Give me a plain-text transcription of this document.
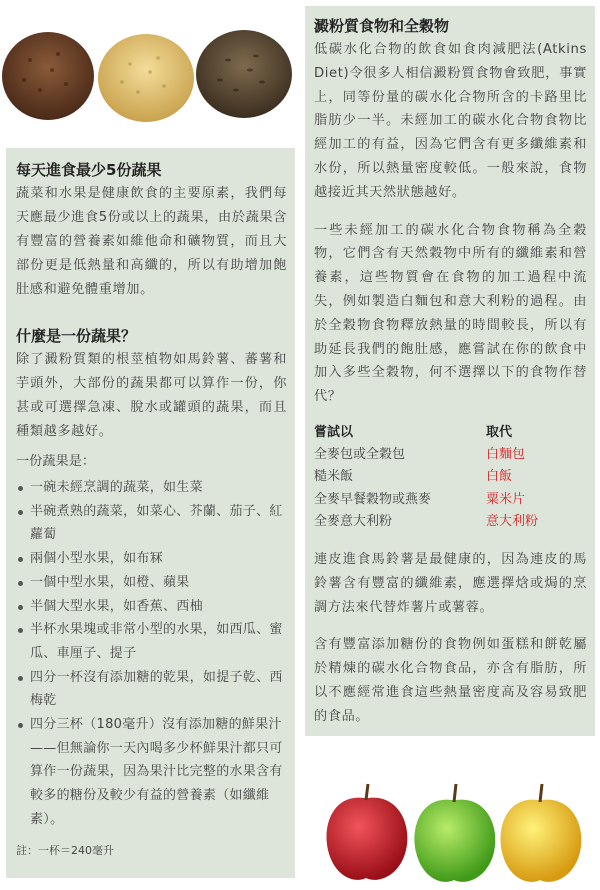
每天進食最少5份蔬果

蔬菜和水果是健康飲食的主要原素，我們每天應最少進食5份或以上的蔬果，由於蔬果含有豐富的營養素如維他命和礦物質，而且大部份更是低熱量和高纖的，所以有助增加飽肚感和避免體重增加。

什麼是一份蔬果？

除了澱粉質類的根莖植物如馬鈴薯、蕃薯和芋頭外，大部份的蔬果都可以算作一份，你甚或可選擇急凍、脫水或罐頭的蔬果，而且種類越多越好。

一份蔬果是：

一碗未經烹調的蔬菜，如生菜
半碗煮熟的蔬菜，如菜心、芥蘭、茄子、紅蘿蔔
兩個小型水果，如布冧
一個中型水果，如橙、蘋果
半個大型水果，如香蕉、西柚
半杯水果塊或非常小型的水果，如西瓜、蜜瓜、車厘子、提子
四分一杯沒有添加糖的乾果，如提子乾、西梅乾
四分三杯（180毫升）沒有添加糖的鮮果汁——但無論你一天內喝多少杯鮮果汁都只可算作一份蔬果，因為果汁比完整的水果含有較多的糖份及較少有益的營養素（如纖維素）。

註：一杯＝240毫升

澱粉質食物和全穀物

低碳水化合物的飲食如食肉減肥法(Atkins Diet)令很多人相信澱粉質食物會致肥，事實上，同等份量的碳水化合物所含的卡路里比脂肪少一半。未經加工的碳水化合物食物比經加工的有益，因為它們含有更多纖維素和水份，所以熱量密度較低。一般來說，食物越接近其天然狀態越好。

一些未經加工的碳水化合物食物稱為全穀物，它們含有天然穀物中所有的纖維素和營養素，這些物質會在食物的加工過程中流失，例如製造白麵包和意大利粉的過程。由於全穀物食物釋放熱量的時間較長，所以有助延長我們的飽肚感，應嘗試在你的飲食中加入多些全穀物，何不選擇以下的食物作替代？

嘗試以	取代
全麥包或全穀包	白麵包
糙米飯	白飯
全麥早餐穀物或燕麥	粟米片
全麥意大利粉	意大利粉

連皮進食馬鈴薯是最健康的，因為連皮的馬鈴薯含有豐富的纖維素，應選擇焓或焗的烹調方法來代替炸薯片或薯蓉。

含有豐富添加糖份的食物例如蛋糕和餅乾屬於精煉的碳水化合物食品，亦含有脂肪，所以不應經常進食這些熱量密度高及容易致肥的食品。
